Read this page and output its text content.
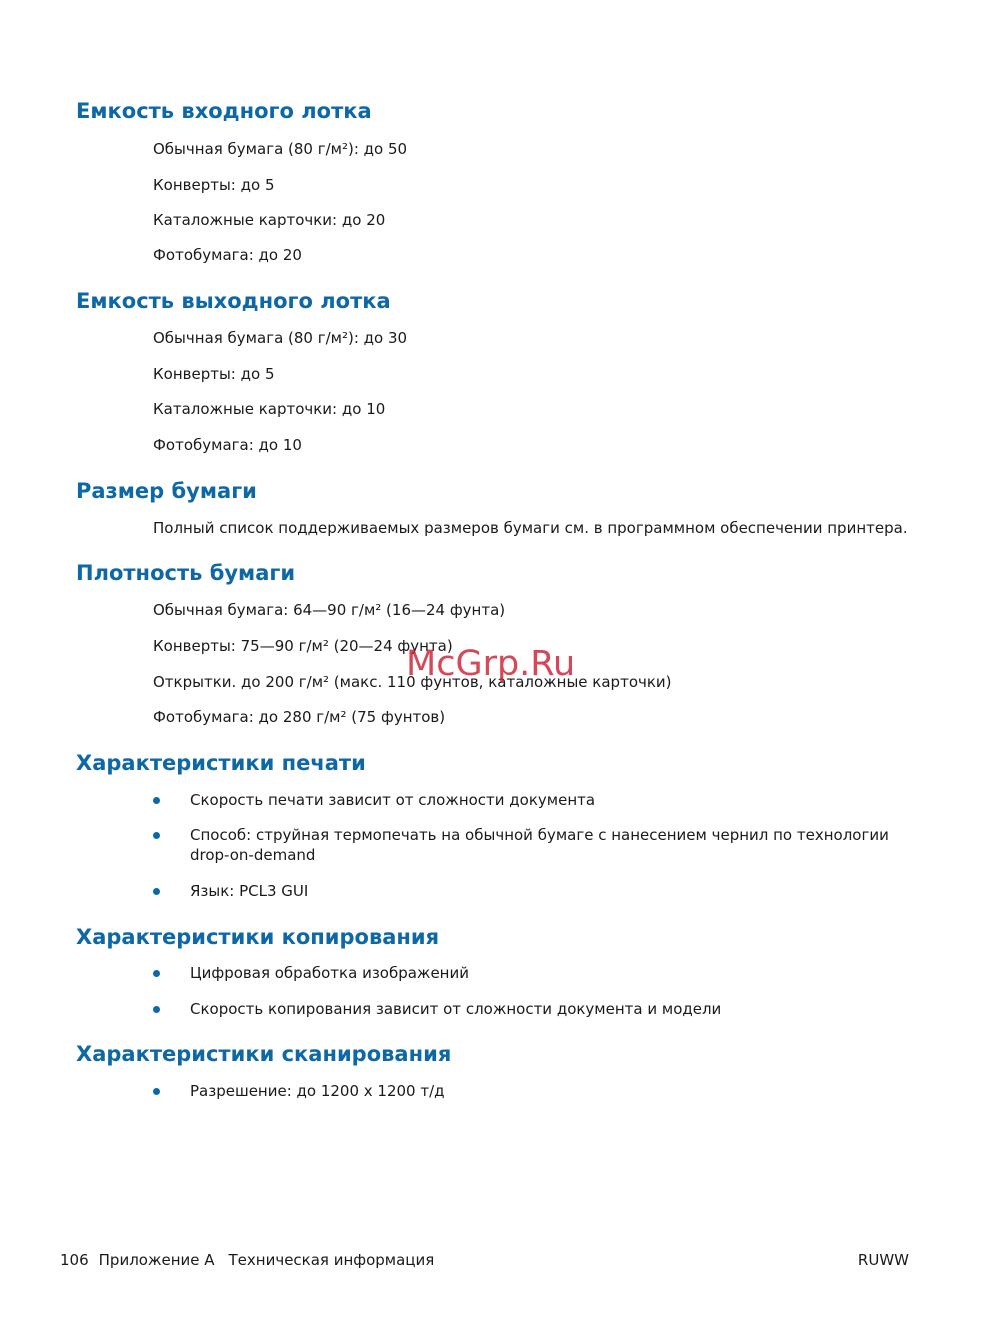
Емкость входного лотка
Обычная бумага (80 г/м²): до 50
Конверты: до 5
Каталожные карточки: до 20
Фотобумага: до 20
Емкость выходного лотка
Обычная бумага (80 г/м²): до 30
Конверты: до 5
Каталожные карточки: до 10
Фотобумага: до 10
Размер бумаги
Полный список поддерживаемых размеров бумаги см. в программном обеспечении принтера.
Плотность бумаги
Обычная бумага: 64—90 г/м² (16—24 фунта)
Конверты: 75—90 г/м² (20—24 фунта)
Открытки. до 200 г/м² (макс. 110 фунтов, каталожные карточки)
Фотобумага: до 280 г/м² (75 фунтов)
Характеристики печати
Скорость печати зависит от сложности документа
Способ: струйная термопечать на обычной бумаге с нанесением чернил по технологии drop-on-demand
Язык: PCL3 GUI
Характеристики копирования
Цифровая обработка изображений
Скорость копирования зависит от сложности документа и модели
Характеристики сканирования
Разрешение: до 1200 x 1200 т/д
McGrp.Ru
106 Приложение А Техническая информация	RUWW
